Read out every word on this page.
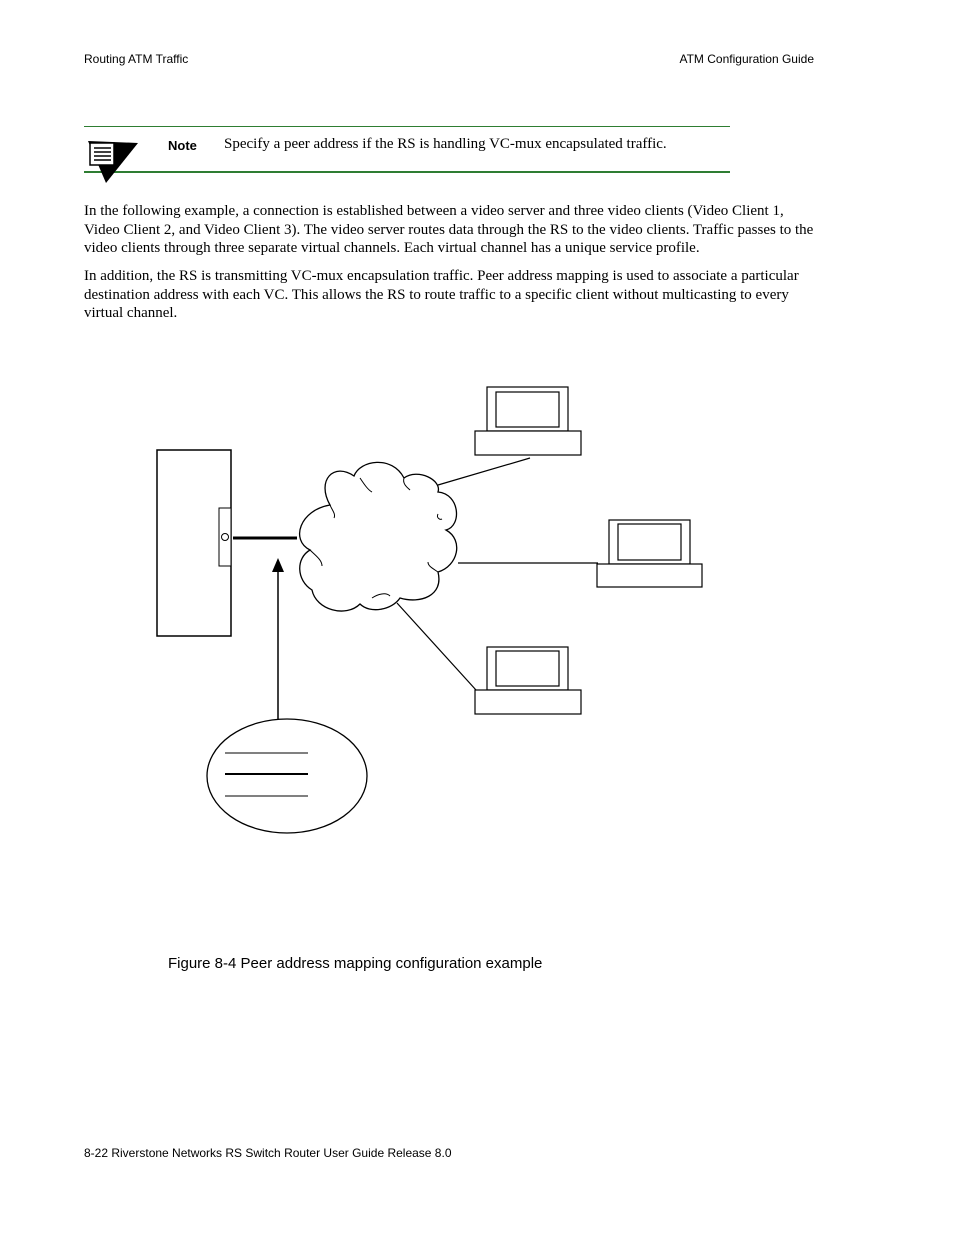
Routing ATM Traffic	ATM Configuration Guide
Note Specify a peer address if the RS is handling VC-mux encapsulated traffic.

In the following example, a connection is established between a video server and three video clients (Video Client 1, Video Client 2, and Video Client 3). The video server routes data through the RS to the video clients. Traffic passes to the video clients through three separate virtual channels. Each virtual channel has a unique service profile.

In addition, the RS is transmitting VC-mux encapsulation traffic. Peer address mapping is used to associate a particular destination address with each VC. This allows the RS to route traffic to a specific client without multicasting to every virtual channel.

Figure 8-4 Peer address mapping configuration example
8-22 Riverstone Networks RS Switch Router User Guide Release 8.0
